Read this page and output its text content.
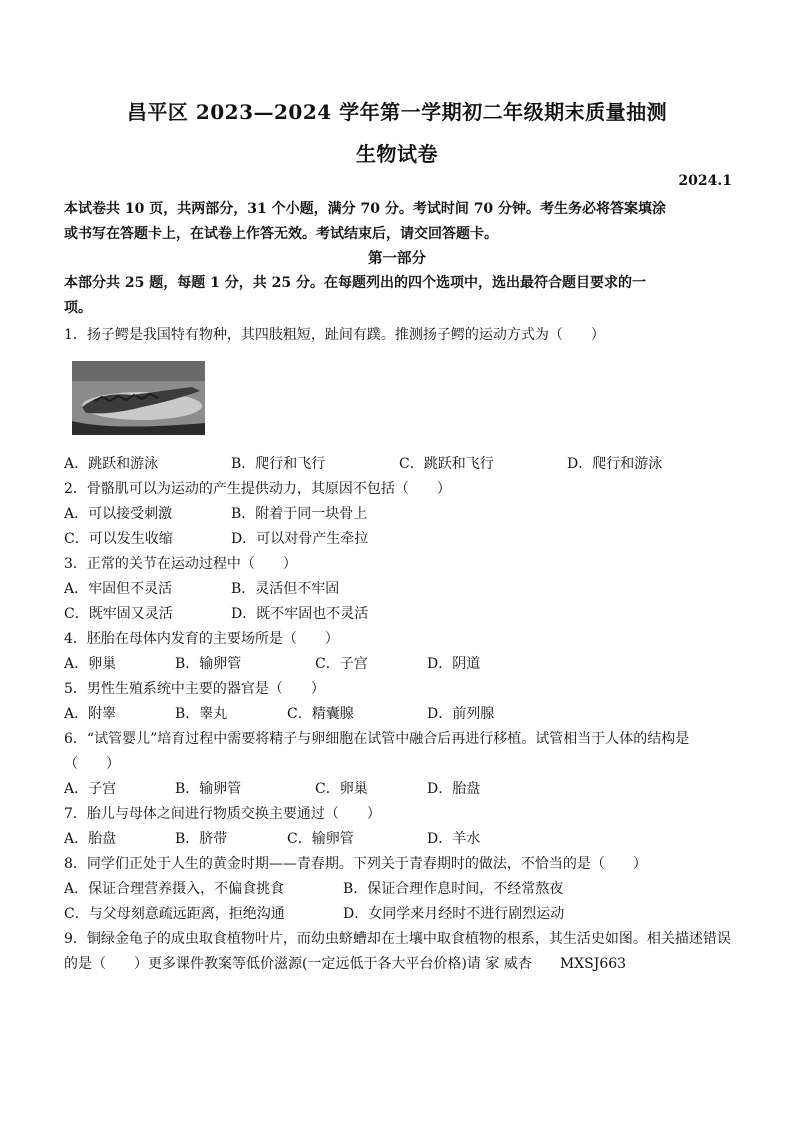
昌平区 2023—2024 学年第一学期初二年级期末质量抽测
生物试卷
2024.1
本试卷共 10 页，共两部分，31 个小题，满分 70 分。考试时间 70 分钟。考生务必将答案填涂
或书写在答题卡上，在试卷上作答无效。考试结束后，请交回答题卡。
第一部分
本部分共 25 题，每题 1 分，共 25 分。在每题列出的四个选项中，选出最符合题目要求的一
项。
1．扬子鳄是我国特有物种，其四肢粗短，趾间有蹼。推测扬子鳄的运动方式为（　　）
A．跳跃和游泳	B．爬行和飞行	C．跳跃和飞行	D．爬行和游泳
2．骨骼肌可以为运动的产生提供动力，其原因不包括（　　）
A．可以接受刺激	B．附着于同一块骨上
C．可以发生收缩	D．可以对骨产生牵拉
3．正常的关节在运动过程中（　　）
A．牢固但不灵活	B．灵活但不牢固
C．既牢固又灵活	D．既不牢固也不灵活
4．胚胎在母体内发育的主要场所是（　　）
A．卵巢	B．输卵管	C．子宫	D．阴道
5．男性生殖系统中主要的器官是（　　）
A．附睾	B．睾丸	C．精囊腺	D．前列腺
6．“试管婴儿”培育过程中需要将精子与卵细胞在试管中融合后再进行移植。试管相当于人体的结构是
（　　）
A．子宫	B．输卵管	C．卵巢	D．胎盘
7．胎儿与母体之间进行物质交换主要通过（　　）
A．胎盘	B．脐带	C．输卵管	D．羊水
8．同学们正处于人生的黄金时期——青春期。下列关于青春期时的做法，不恰当的是（　　）
A．保证合理营养摄入，不偏食挑食	B．保证合理作息时间，不经常熬夜
C．与父母刻意疏远距离，拒绝沟通	D．女同学来月经时不进行剧烈运动
9．铜绿金龟子的成虫取食植物叶片，而幼虫蛴螬却在土壤中取食植物的根系，其生活史如图。相关描述错误
的是（　　）更多课件教案等低价滋源(一定远低于各大平台价格)请 家 威杏　　MXSJ663
